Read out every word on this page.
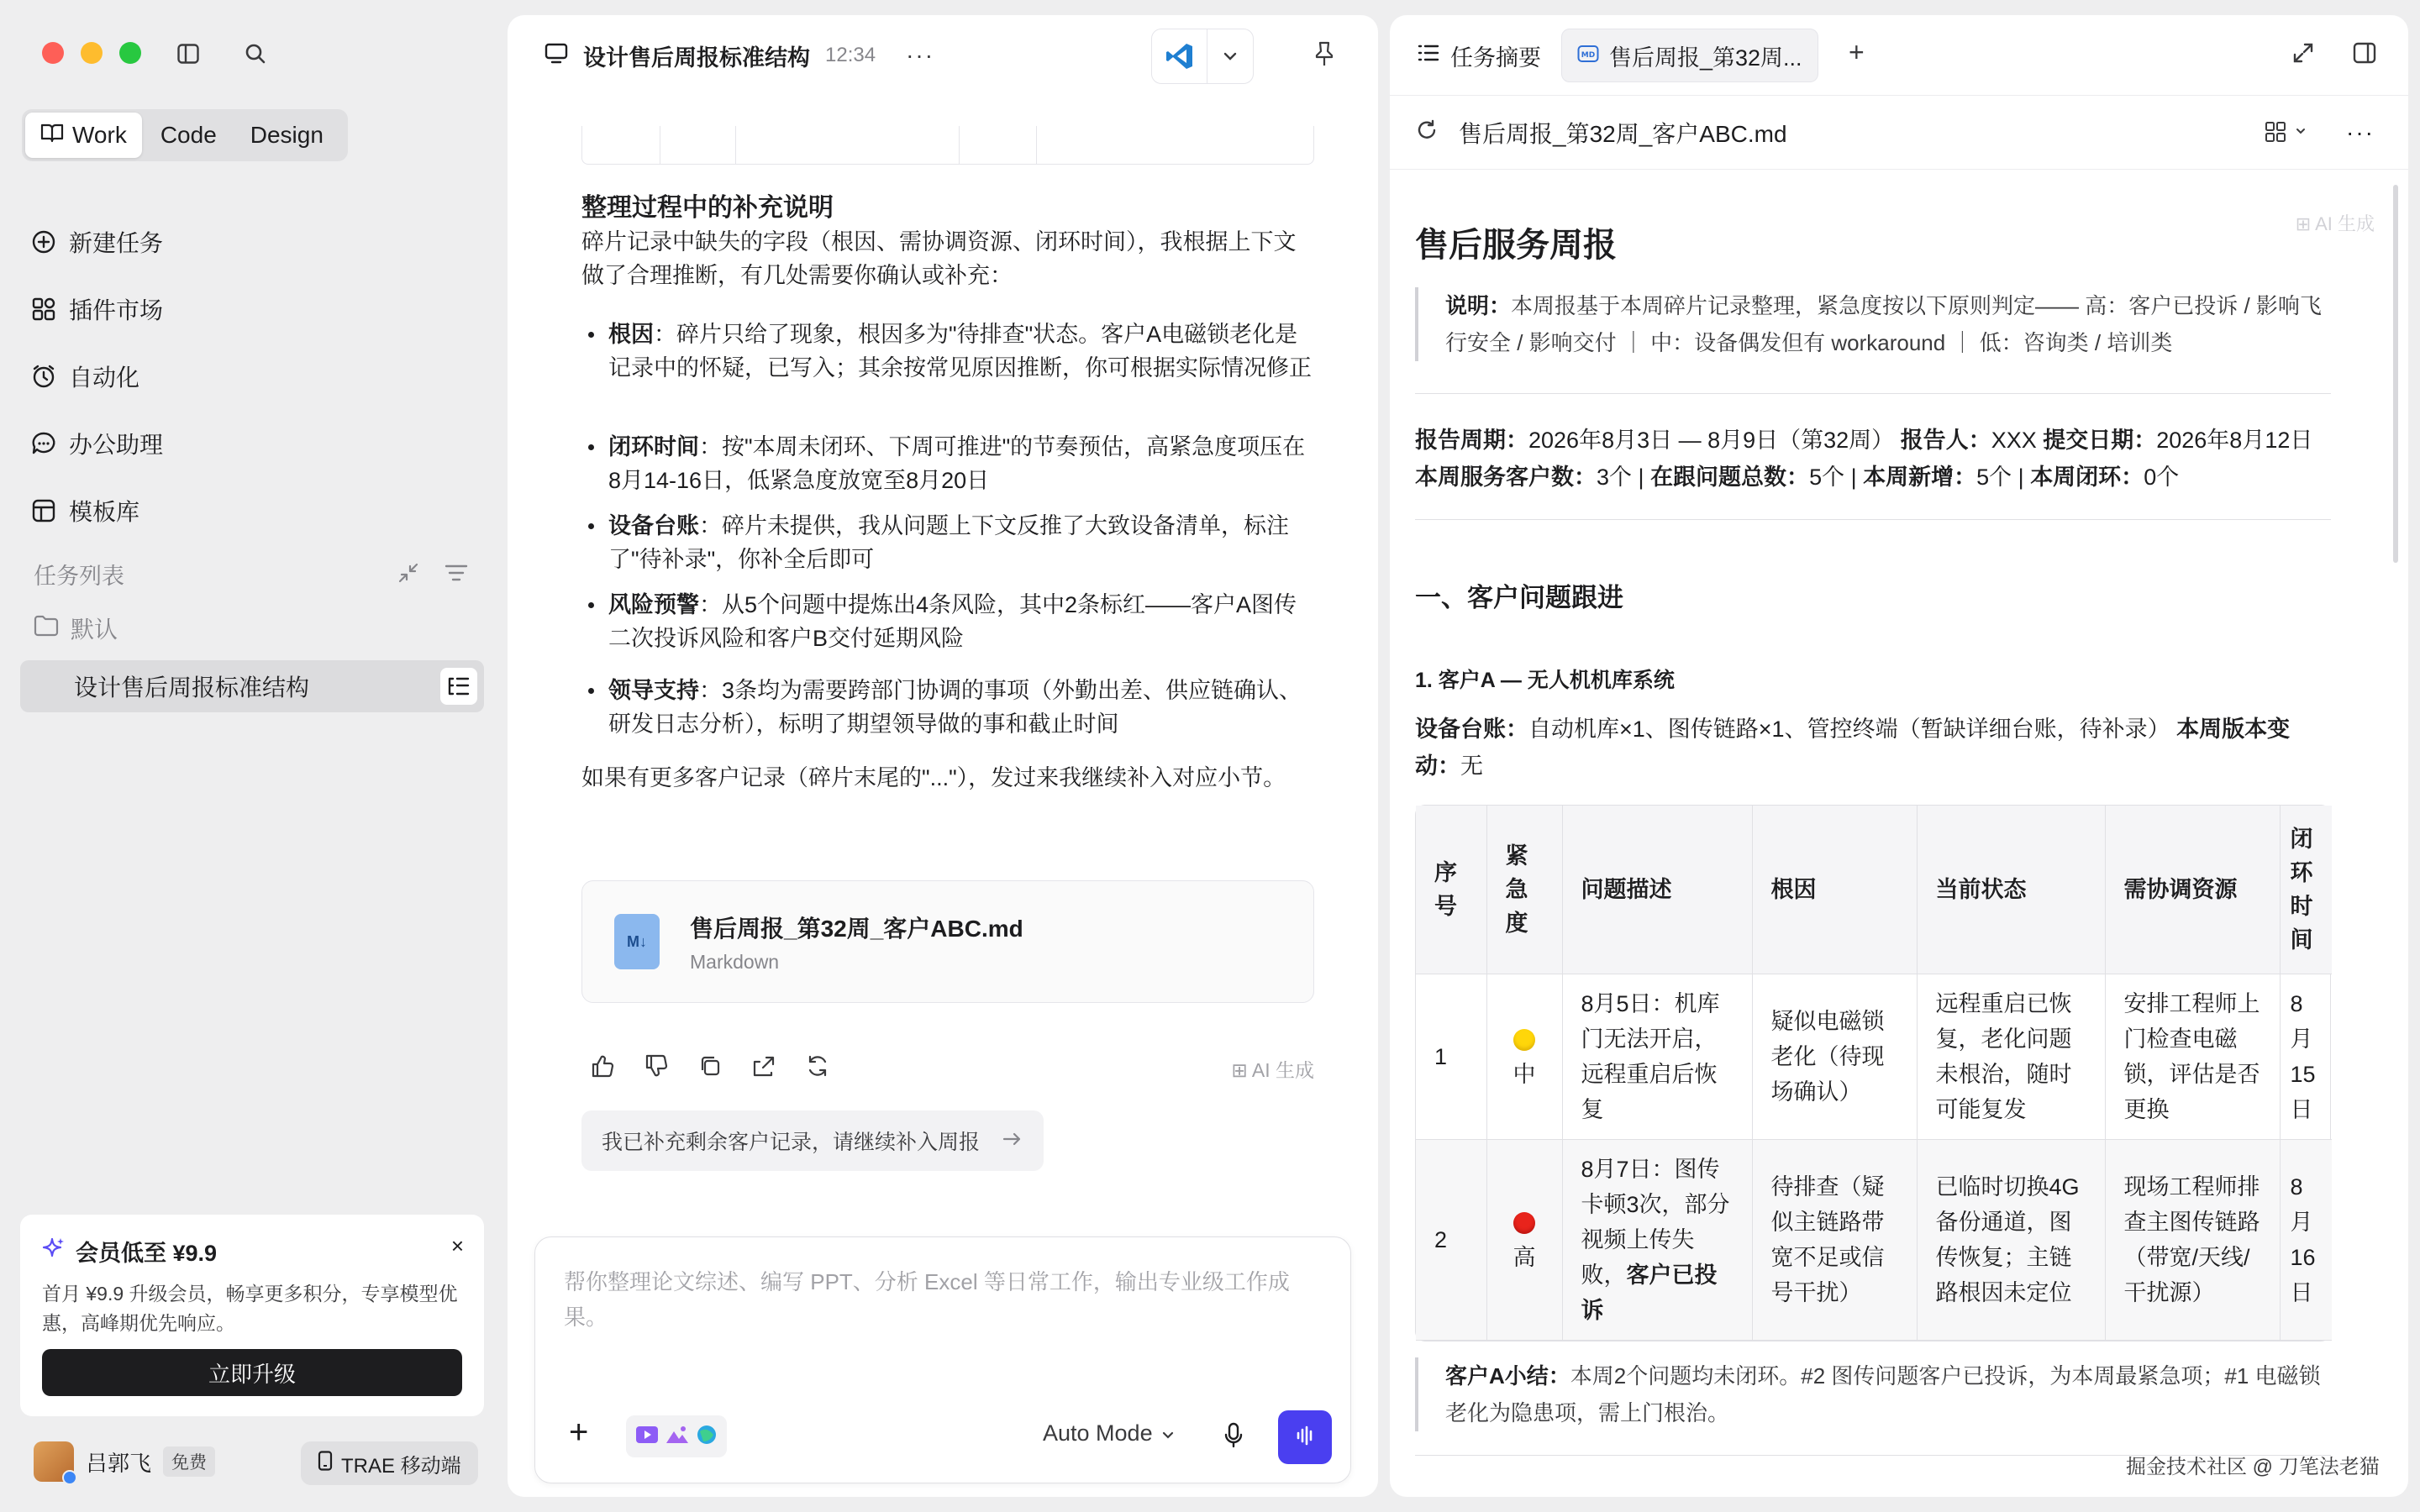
Work Code Design
新建任务
插件市场
自动化
办公助理
模板库
任务列表
默认
设计售后周报标准结构
会员低至 ¥9.9
首月 ¥9.9 升级会员，畅享更多积分，专享模型优惠，高峰期优先响应。
立即升级
×
吕郭飞	免费	TRAE 移动端
设计售后周报标准结构 12:34 ···
整理过程中的补充说明
碎片记录中缺失的字段（根因、需协调资源、闭环时间），我根据上下文做了合理推断，有几处需要你确认或补充：
根因：碎片只给了现象，根因多为"待排查"状态。客户A电磁锁老化是记录中的怀疑，已写入；其余按常见原因推断，你可根据实际情况修正
闭环时间：按"本周未闭环、下周可推进"的节奏预估，高紧急度项压在8月14-16日，低紧急度放宽至8月20日
设备台账：碎片未提供，我从问题上下文反推了大致设备清单，标注了"待补录"，你补全后即可
风险预警：从5个问题中提炼出4条风险，其中2条标红——客户A图传二次投诉风险和客户B交付延期风险
领导支持：3条均为需要跨部门协调的事项（外勤出差、供应链确认、研发日志分析），标明了期望领导做的事和截止时间
如果有更多客户记录（碎片末尾的"..."），发过来我继续补入对应小节。
M↓	售后周报_第32周_客户ABC.md
Markdown
⊞ AI 生成
我已补充剩余客户记录，请继续补入周报
帮你整理论文综述、编写 PPT、分析 Excel 等日常工作，输出专业级工作成果。
+	Auto Mode
任务摘要	MD 售后周报_第32周... +
售后周报_第32周_客户ABC.md	···
⊞ AI 生成
售后服务周报
说明：本周报基于本周碎片记录整理，紧急度按以下原则判定—— 高：客户已投诉 / 影响飞行安全 / 影响交付 ｜ 中：设备偶发但有 workaround ｜ 低：咨询类 / 培训类
报告周期：2026年8月3日 — 8月9日（第32周） 报告人：XXX 提交日期：2026年8月12日 本周服务客户数：3个 | 在跟问题总数：5个 | 本周新增：5个 | 本周闭环：0个
一、客户问题跟进
1. 客户A — 无人机机库系统
设备台账：自动机库×1、图传链路×1、管控终端（暂缺详细台账，待补录） 本周版本变动：无
序号	紧急度	问题描述	根因	当前状态	需协调资源	闭环时间
1	中	8月5日：机库门无法开启，远程重启后恢复	疑似电磁锁老化（待现场确认）	远程重启已恢复，老化问题未根治，随时可能复发	安排工程师上门检查电磁锁，评估是否更换	8月15日
2	高	8月7日：图传卡顿3次，部分视频上传失败，客户已投诉	待排查（疑似主链路带宽不足或信号干扰）	已临时切换4G备份通道，图传恢复；主链路根因未定位	现场工程师排查主图传链路（带宽/天线/干扰源）	8月16日
客户A小结：本周2个问题均未闭环。#2 图传问题客户已投诉，为本周最紧急项；#1 电磁锁老化为隐患项，需上门根治。
掘金技术社区 @ 刀笔法老猫
